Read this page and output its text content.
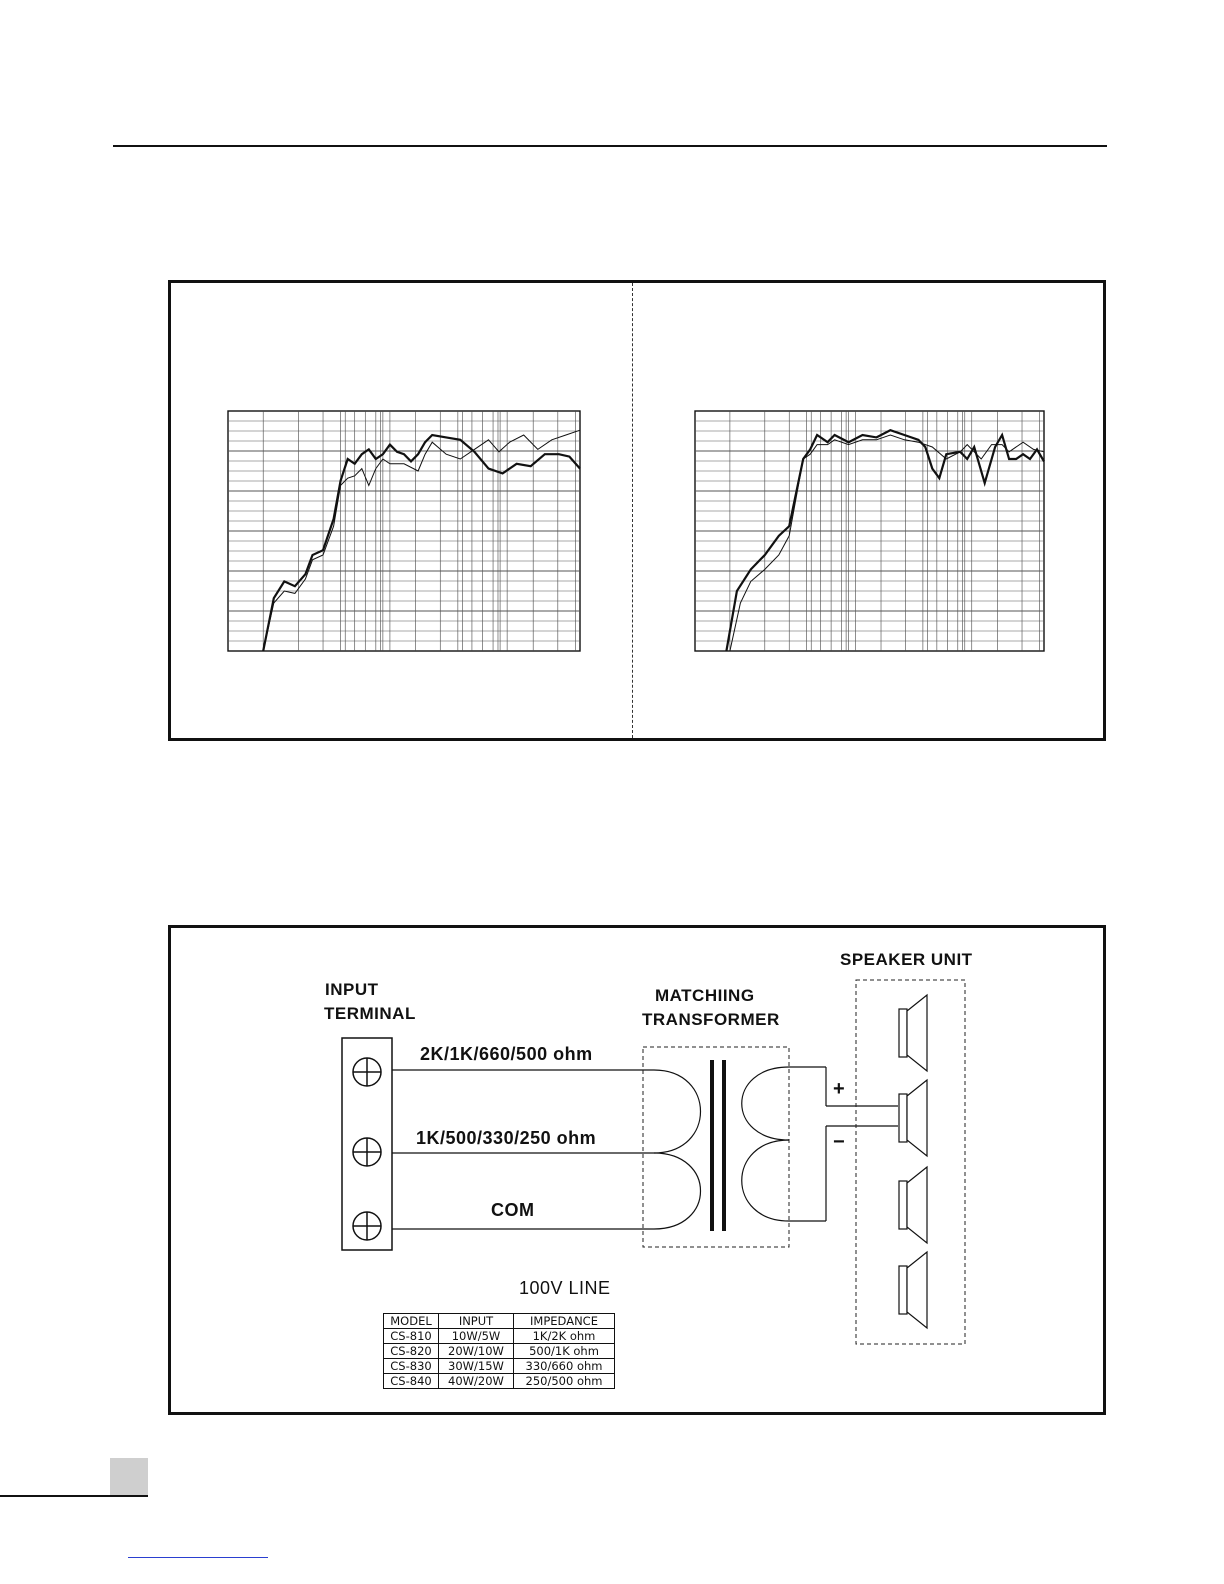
INPUT
TERMINAL
MATCHIING
TRANSFORMER
SPEAKER UNIT
2K/1K/660/500 ohm
1K/500/330/250 ohm
COM
+
−
100V LINE
MODEL	INPUT	IMPEDANCE
CS-810	10W/5W	1K/2K ohm
CS-820	20W/10W	500/1K ohm
CS-830	30W/15W	330/660 ohm
CS-840	40W/20W	250/500 ohm
